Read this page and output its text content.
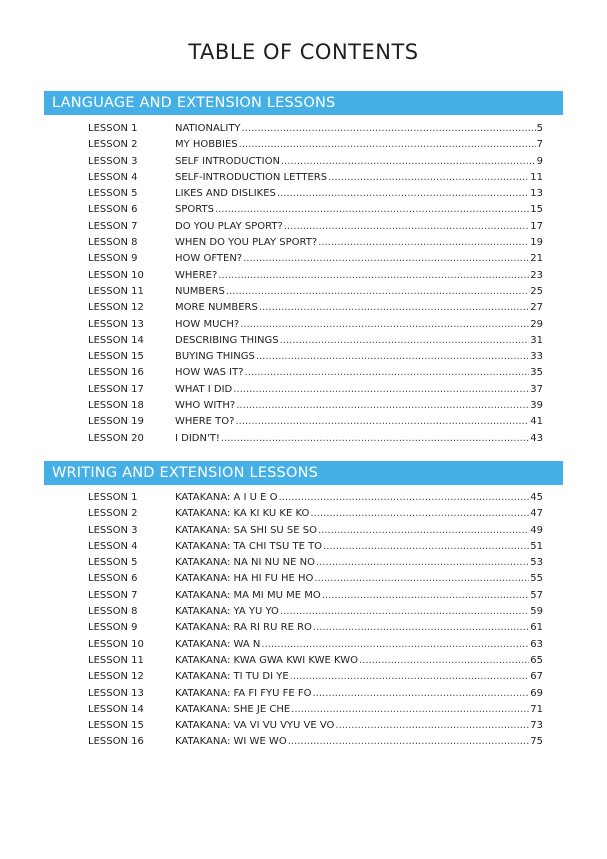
TABLE OF CONTENTS
LANGUAGE AND EXTENSION LESSONS
LESSON 1	NATIONALITY .....	5
LESSON 2	MY HOBBIES .....	7
LESSON 3	SELF INTRODUCTION .....	9
LESSON 4	SELF-INTRODUCTION LETTERS .....	11
LESSON 5	LIKES AND DISLIKES .....	13
LESSON 6	SPORTS .....	15
LESSON 7	DO YOU PLAY SPORT? .....	17
LESSON 8	WHEN DO YOU PLAY SPORT? .....	19
LESSON 9	HOW OFTEN? .....	21
LESSON 10	WHERE? .....	23
LESSON 11	NUMBERS .....	25
LESSON 12	MORE NUMBERS .....	27
LESSON 13	HOW MUCH? .....	29
LESSON 14	DESCRIBING THINGS .....	31
LESSON 15	BUYING THINGS .....	33
LESSON 16	HOW WAS IT? .....	35
LESSON 17	WHAT I DID .....	37
LESSON 18	WHO WITH? .....	39
LESSON 19	WHERE TO? .....	41
LESSON 20	I DIDN'T! .....	43
WRITING AND EXTENSION LESSONS
LESSON 1	KATAKANA: A I U E O .....	45
LESSON 2	KATAKANA: KA KI KU KE KO .....	47
LESSON 3	KATAKANA: SA SHI SU SE SO .....	49
LESSON 4	KATAKANA: TA CHI TSU TE TO .....	51
LESSON 5	KATAKANA: NA NI NU NE NO .....	53
LESSON 6	KATAKANA: HA HI FU HE HO .....	55
LESSON 7	KATAKANA: MA MI MU ME MO .....	57
LESSON 8	KATAKANA: YA YU YO .....	59
LESSON 9	KATAKANA: RA RI RU RE RO .....	61
LESSON 10	KATAKANA: WA N .....	63
LESSON 11	KATAKANA: KWA GWA KWI KWE KWO .....	65
LESSON 12	KATAKANA: TI TU DI YE .....	67
LESSON 13	KATAKANA: FA FI FYU FE FO .....	69
LESSON 14	KATAKANA: SHE JE CHE .....	71
LESSON 15	KATAKANA: VA VI VU VYU VE VO .....	73
LESSON 16	KATAKANA: WI WE WO .....	75
